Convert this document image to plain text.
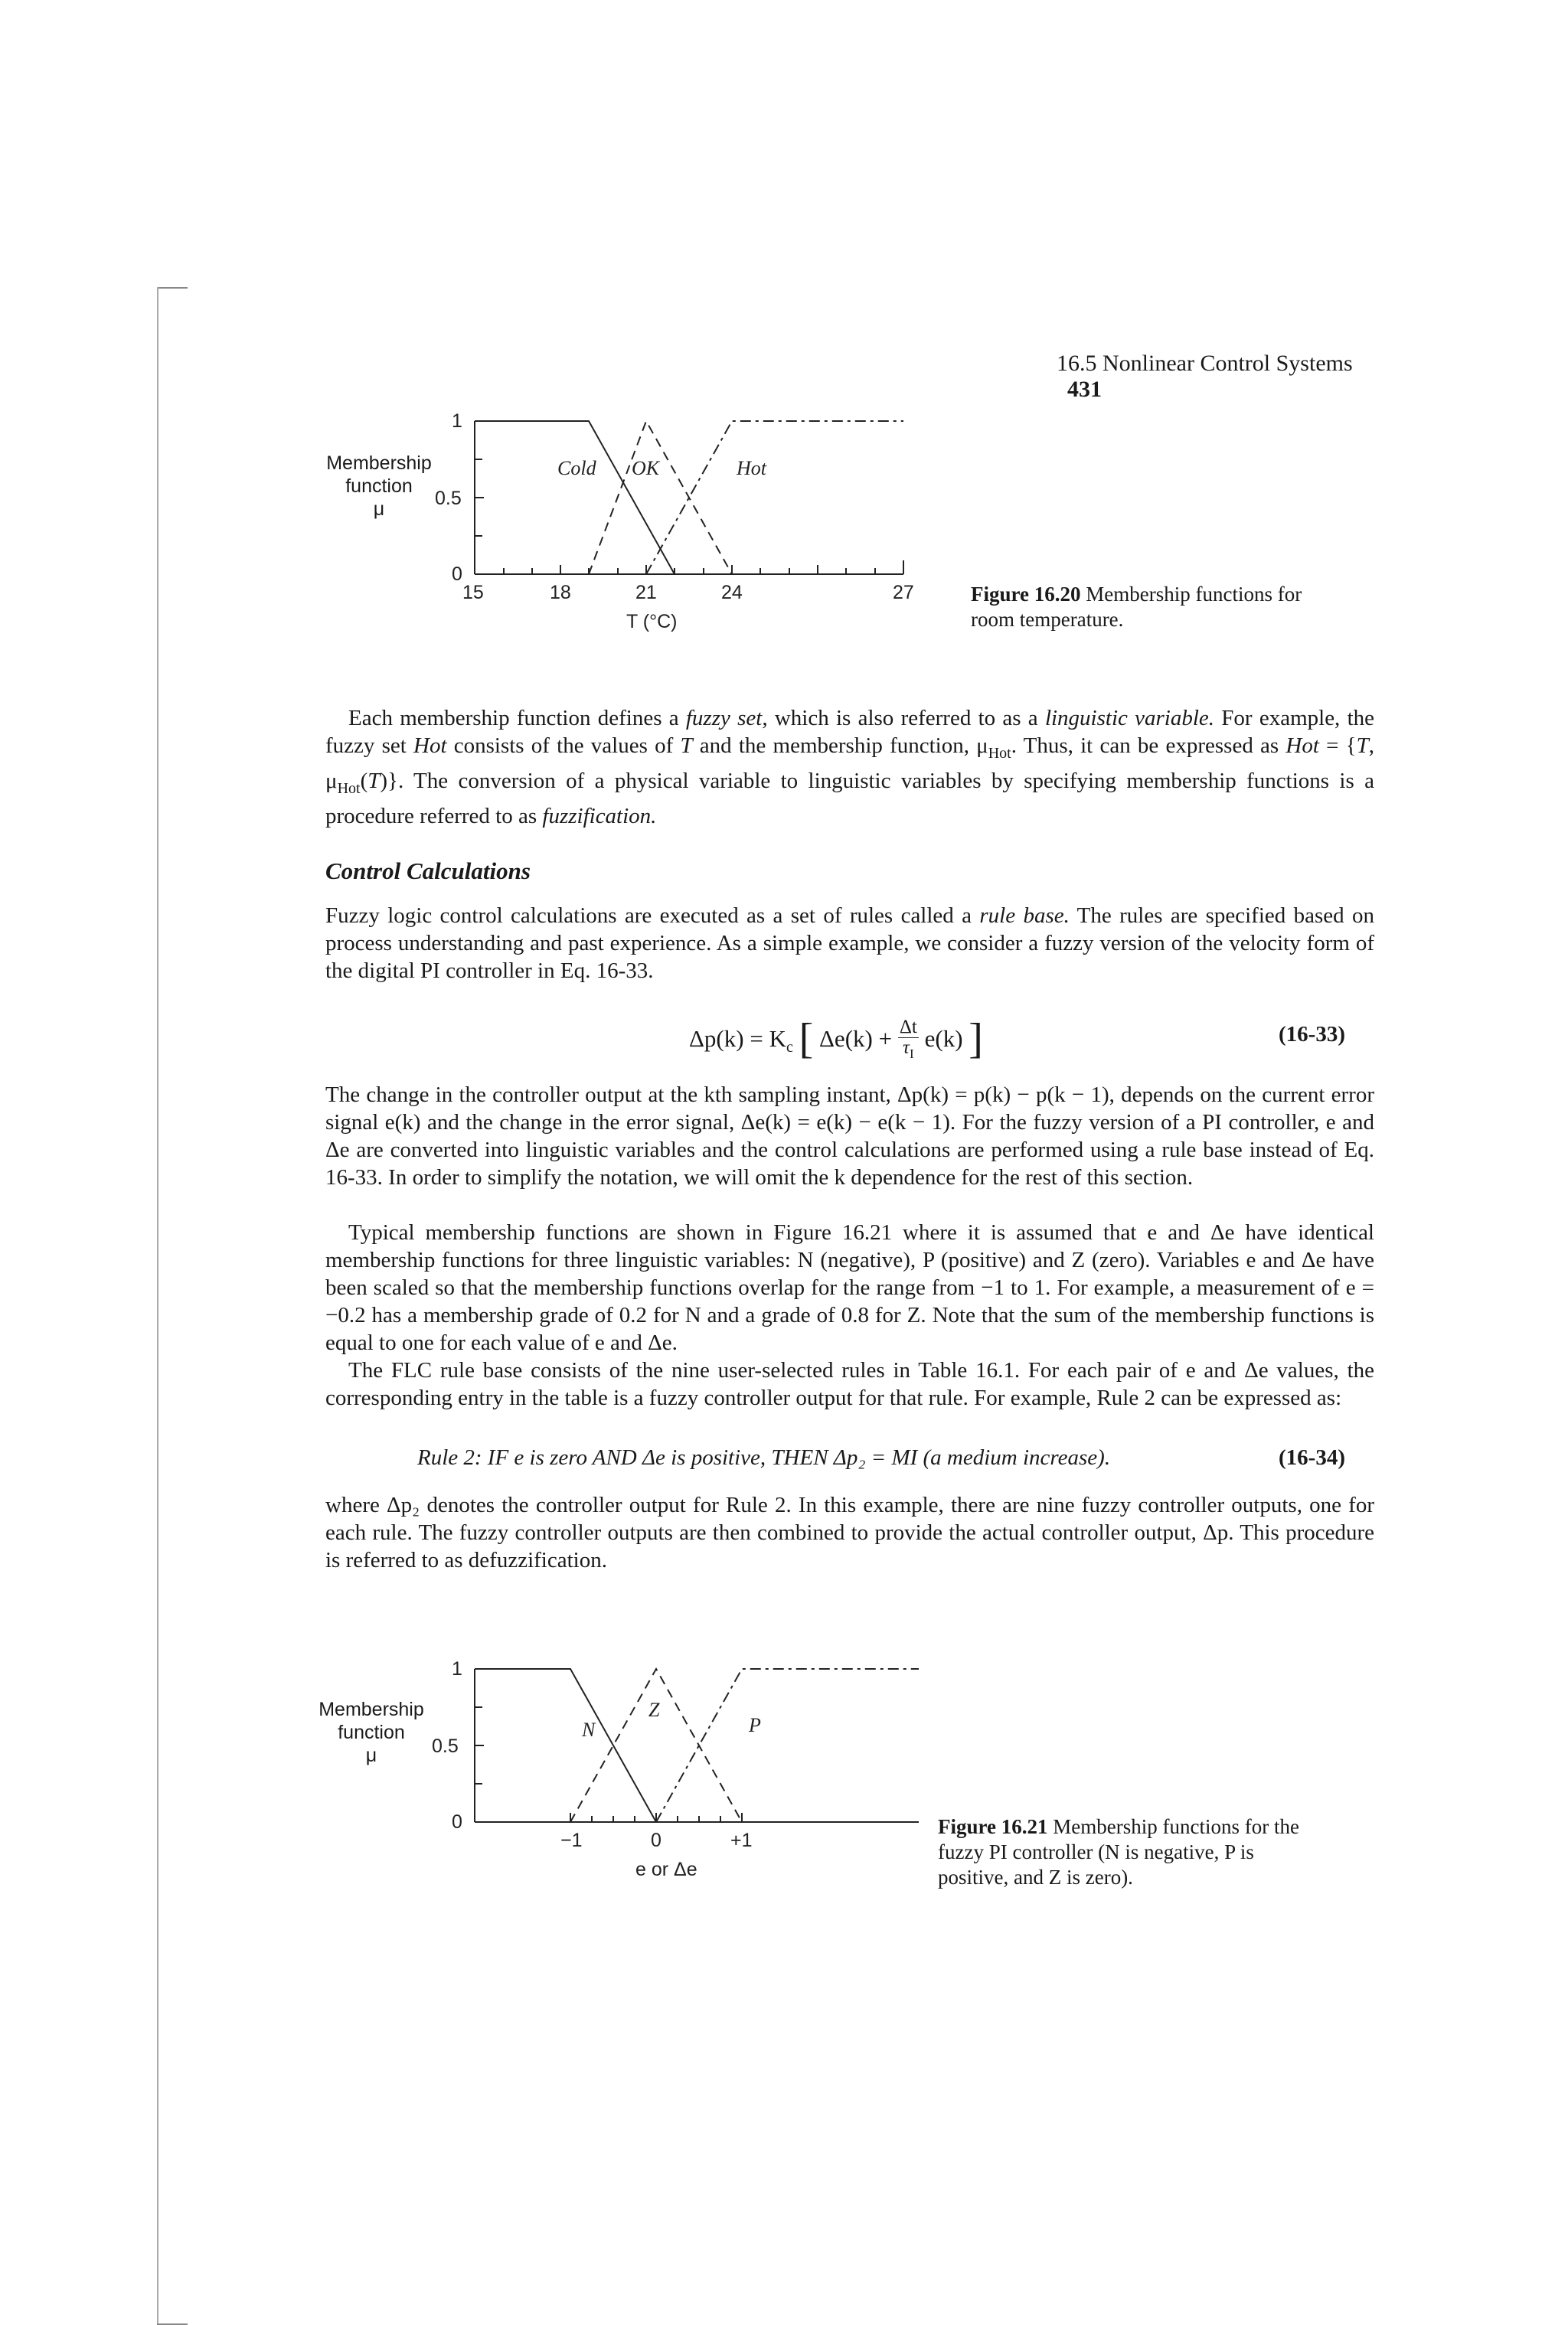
16.5 Nonlinear Control Systems 431
Membership
function
μ
1
0.5
0
15	18	21	24	27
T (°C)
Cold OK	Hot
Figure 16.20 Membership functions for
room temperature.

Each membership function defines a fuzzy set, which is also referred to as a linguistic variable. For example, the fuzzy set Hot consists of the values of T and the membership function, $\mu_{Hot}$. Thus, it can be expressed as Hot = {T, $\mu_{Hot}(T)$}. The conversion of a physical variable to linguistic variables by specifying membership functions is a procedure referred to as fuzzification.

Control Calculations

Fuzzy logic control calculations are executed as a set of rules called a rule base. The rules are specified based on process understanding and past experience. As a simple example, we consider a fuzzy version of the velocity form of the digital PI controller in Eq. 16-33.

$\Delta p(k) = K_c$ [ $\Delta e(k) + \frac{\Delta t}{\tau_I} e(k)$ ]	(16-33)

The change in the controller output at the kth sampling instant, Δp(k) = p(k) − p(k − 1), depends on the current error signal e(k) and the change in the error signal, Δe(k) = e(k) − e(k − 1). For the fuzzy version of a PI controller, e and Δe are converted into linguistic variables and the control calculations are performed using a rule base instead of Eq. 16-33. In order to simplify the notation, we will omit the k dependence for the rest of this section.

Typical membership functions are shown in Figure 16.21 where it is assumed that e and Δe have identical membership functions for three linguistic variables: N (negative), P (positive) and Z (zero). Variables e and Δe have been scaled so that the membership functions overlap for the range from −1 to 1. For example, a measurement of e = −0.2 has a membership grade of 0.2 for N and a grade of 0.8 for Z. Note that the sum of the membership functions is equal to one for each value of e and Δe.

The FLC rule base consists of the nine user-selected rules in Table 16.1. For each pair of e and Δe values, the corresponding entry in the table is a fuzzy controller output for that rule. For example, Rule 2 can be expressed as:

Rule 2: IF e is zero AND Δe is positive, THEN Δp₂ = MI (a medium increase).	(16-34)

where Δp₂ denotes the controller output for Rule 2. In this example, there are nine fuzzy controller outputs, one for each rule. The fuzzy controller outputs are then combined to provide the actual controller output, Δp. This procedure is referred to as defuzzification.

Membership
function
μ
1
0.5
0
−1	0	+1
e or Δe
N
Z
P
Figure 16.21 Membership functions for the
fuzzy PI controller (N is negative, P is
positive, and Z is zero).
